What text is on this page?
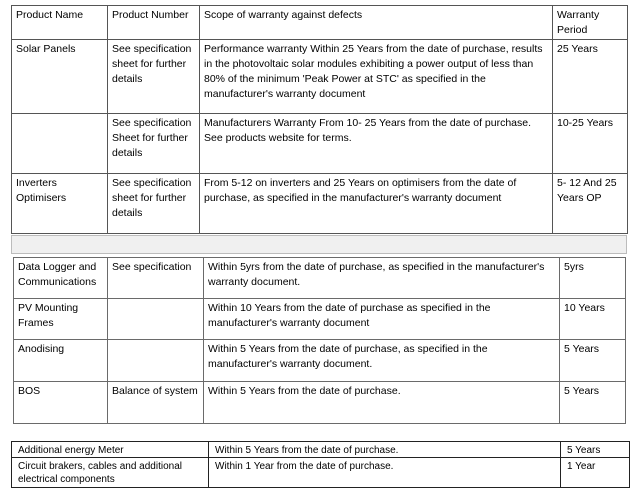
Product Name	Product Number	Scope of warranty against defects	Warranty Period
Solar Panels	See specification sheet for further details	Performance warranty Within 25 Years from the date of purchase, results in the photovoltaic solar modules exhibiting a power output of less than 80% of the minimum 'Peak Power at STC' as specified in the manufacturer's warranty document	25 Years
	See specification Sheet for further details	Manufacturers Warranty From 10- 25 Years from the date of purchase. See products website for terms.	10-25 Years
Inverters Optimisers	See specification sheet for further details	From 5-12 on inverters and 25 Years on optimisers from the date of purchase, as specified in the manufacturer's warranty document	5- 12 And 25 Years OP
Data Logger and Communications	See specification	Within 5yrs from the date of purchase, as specified in the manufacturer's warranty document.	5yrs
PV Mounting Frames		Within 10 Years from the date of purchase as specified in the manufacturer's warranty document	10 Years
Anodising		Within 5 Years from the date of purchase, as specified in the manufacturer's warranty document.	5 Years
BOS	Balance of system	Within 5 Years from the date of purchase.	5 Years
Additional energy Meter	Within 5 Years from the date of purchase.	5 Years
Circuit brakers, cables and additional electrical components	Within 1 Year from the date of purchase.	1 Year
